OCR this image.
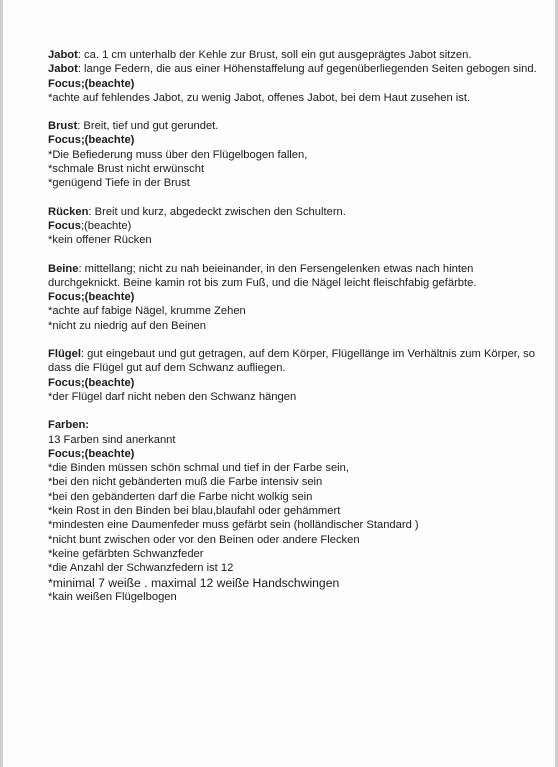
Jabot: ca. 1 cm unterhalb der Kehle zur Brust, soll ein gut ausgeprägtes Jabot sitzen.
Jabot: lange Federn, die aus einer Höhenstaffelung auf gegenüberliegenden Seiten gebogen sind.
Focus;(beachte)
*achte auf fehlendes Jabot, zu wenig Jabot, offenes Jabot, bei dem Haut zusehen ist.
Brust: Breit, tief und gut gerundet.
Focus;(beachte)
*Die Befiederung muss über den Flügelbogen fallen,
*schmale Brust nicht erwünscht
*genügend Tiefe in der Brust
Rücken: Breit und kurz, abgedeckt zwischen den Schultern.
Focus;(beachte)
*kein offener Rücken
Beine: mittellang; nicht zu nah beieinander, in den Fersengelenken etwas nach hinten durchgeknickt. Beine kamin rot bis zum Fuß, und die Nägel leicht fleischfabig gefärbte.
Focus;(beachte)
*achte auf fabige Nägel, krumme Zehen
*nicht zu niedrig auf den Beinen
Flügel: gut eingebaut und gut getragen, auf dem Körper, Flügellänge im Verhältnis zum Körper, so dass die Flügel gut auf dem Schwanz aufliegen.
Focus;(beachte)
*der Flügel darf nicht neben den Schwanz hängen
Farben:
13 Farben sind anerkannt
Focus;(beachte)
*die Binden müssen schön schmal und tief in der Farbe sein,
*bei den nicht gebänderten muß die Farbe intensiv sein
*bei den gebänderten darf die Farbe nicht wolkig sein
*kein Rost in den Binden bei blau,blaufahl oder gehämmert
*mindesten eine Daumenfeder muss gefärbt sein (holländischer Standard )
*nicht bunt zwischen oder vor den Beinen oder andere Flecken
*keine gefärbten Schwanzfeder
*die Anzahl der Schwanzfedern ist 12
*minimal 7 weiße . maximal 12 weiße Handschwingen
*kain weißen Flügelbogen
